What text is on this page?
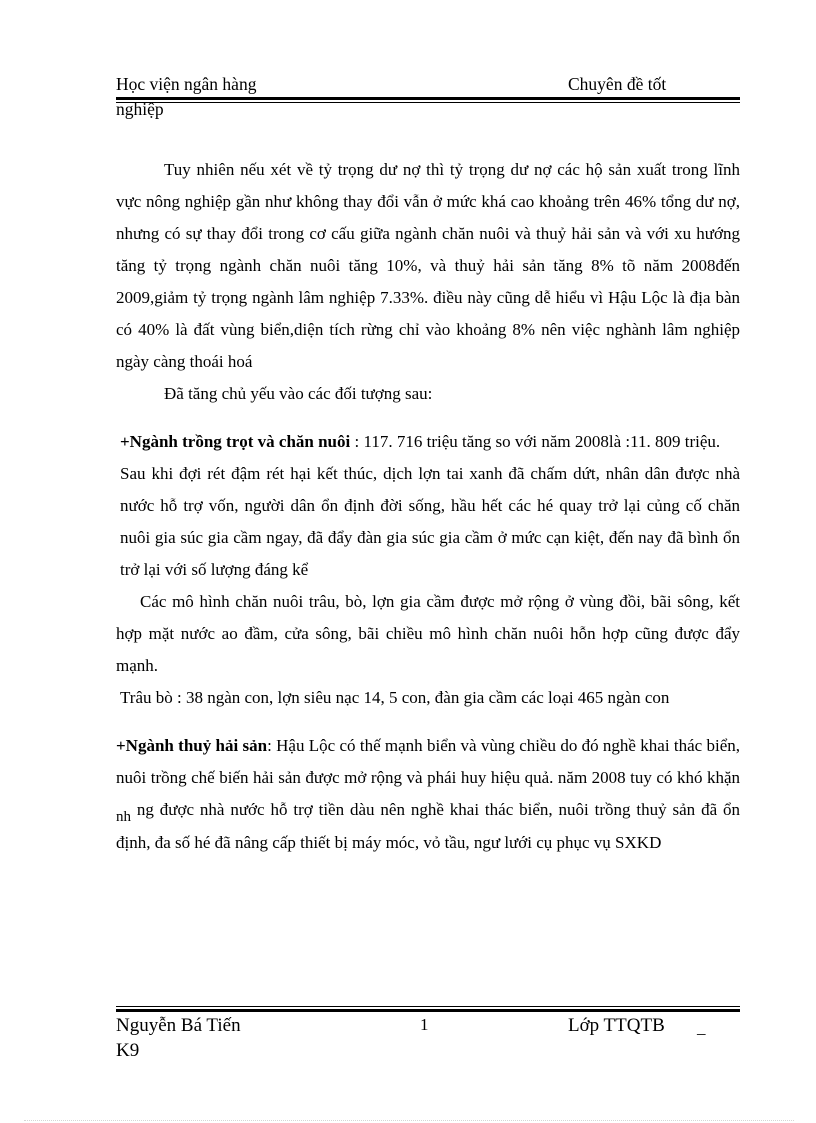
Học viện ngân hàng	Chuyên đề tốt
nghiệp

Tuy nhiên nếu xét về tỷ trọng dư nợ thì tỷ trọng dư nợ các hộ sản xuất trong lĩnh vực nông nghiệp gần như không thay đổi vẫn ở mức khá cao khoảng trên 46% tổng dư nợ, nhưng có sự thay đổi trong cơ cấu giữa ngành chăn nuôi và thuỷ hải sản và với xu hướng tăng tỷ trọng ngành chăn nuôi tăng 10%, và thuỷ hải sản tăng 8% tõ năm 2008đến 2009,giảm tỷ trọng ngành lâm nghiệp 7.33%. điều này cũng dễ hiểu vì Hậu Lộc là địa bàn có 40% là đất vùng biển,diện tích rừng chỉ vào khoảng 8% nên việc nghành lâm nghiệp ngày càng thoái hoá

Đã tăng chủ yếu vào các đối tượng sau:

+Ngành trồng trọt và chăn nuôi : 117. 716 triệu tăng so với năm 2008là :11. 809 triệu.

Sau khi đợi rét đậm rét hại kết thúc, dịch lợn tai xanh đã chấm dứt, nhân dân được nhà nước hỗ trợ vốn, người dân ổn định đời sống, hầu hết các hé quay trở lại củng cố chăn nuôi gia súc gia cầm ngay, đã đẩy đàn gia súc gia cầm ở mức cạn kiệt, đến nay đã bình ổn trở lại với số lượng đáng kể

Các mô hình chăn nuôi trâu, bò, lợn gia cầm được mở rộng ở vùng đồi, bãi sông, kết hợp mặt nước ao đầm, cửa sông, bãi chiều mô hình chăn nuôi hỗn hợp cũng được đẩy mạnh.

Trâu bò : 38 ngàn con, lợn siêu nạc 14, 5 con, đàn gia cầm các loại 465 ngàn con

+Ngành thuỷ hải sản: Hậu Lộc có thế mạnh biển và vùng chiều do đó nghề khai thác biển, nuôi trồng chế biến hải sản được mở rộng và phái huy hiệu quả. năm 2008 tuy có khó khặn nh ng được nhà nước hỗ trợ tiền dàu nên nghề khai thác biển, nuôi trồng thuỷ sản đã ổn định, đa số hé đã nâng cấp thiết bị máy móc, vỏ tầu, ngư lưới cụ phục vụ SXKD

Nguyễn Bá Tiến
K9
1	Lớp TTQTB _
